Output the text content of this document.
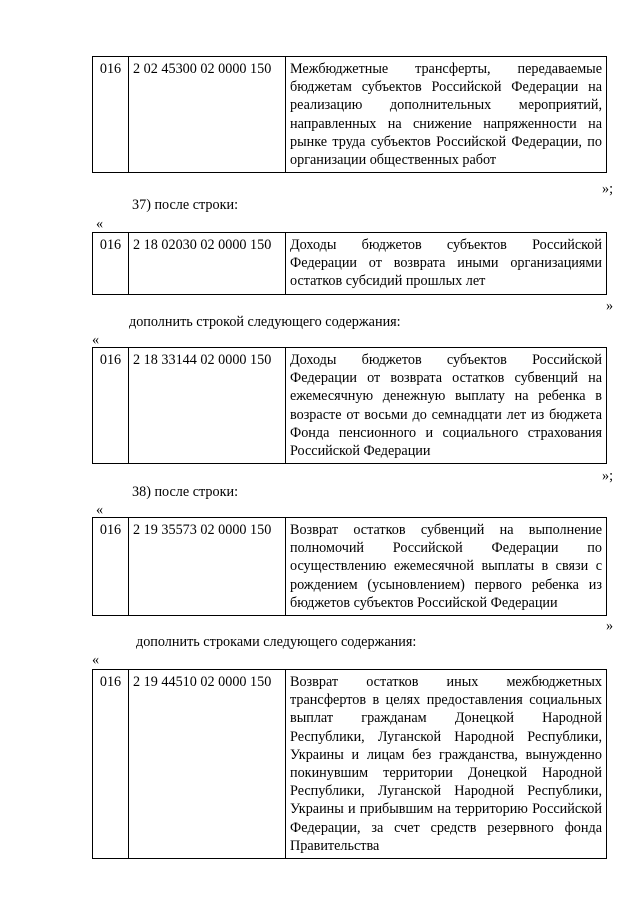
016	2 02 45300 02 0000 150	Межбюджетные трансферты, передаваемые бюджетам субъектов Российской Федерации на реализацию дополнительных мероприятий, направленных на снижение напряженности на рынке труда субъектов Российской Федерации, по организации общественных работ
»;
37) после строки:
«
016	2 18 02030 02 0000 150	Доходы бюджетов субъектов Российской Федерации от возврата иными организациями остатков субсидий прошлых лет
»
дополнить строкой следующего содержания:
«
016	2 18 33144 02 0000 150	Доходы бюджетов субъектов Российской Федерации от возврата остатков субвенций на ежемесячную денежную выплату на ребенка в возрасте от восьми до семнадцати лет из бюджета Фонда пенсионного и социального страхования Российской Федерации
»;
38) после строки:
«
016	2 19 35573 02 0000 150	Возврат остатков субвенций на выполнение полномочий Российской Федерации по осуществлению ежемесячной выплаты в связи с рождением (усыновлением) первого ребенка из бюджетов субъектов Российской Федерации
»
дополнить строками следующего содержания:
«
016	2 19 44510 02 0000 150	Возврат остатков иных межбюджетных трансфертов в целях предоставления социальных выплат гражданам Донецкой Народной Республики, Луганской Народной Республики, Украины и лицам без гражданства, вынужденно покинувшим территории Донецкой Народной Республики, Луганской Народной Республики, Украины и прибывшим на территорию Российской Федерации, за счет средств резервного фонда Правительства
